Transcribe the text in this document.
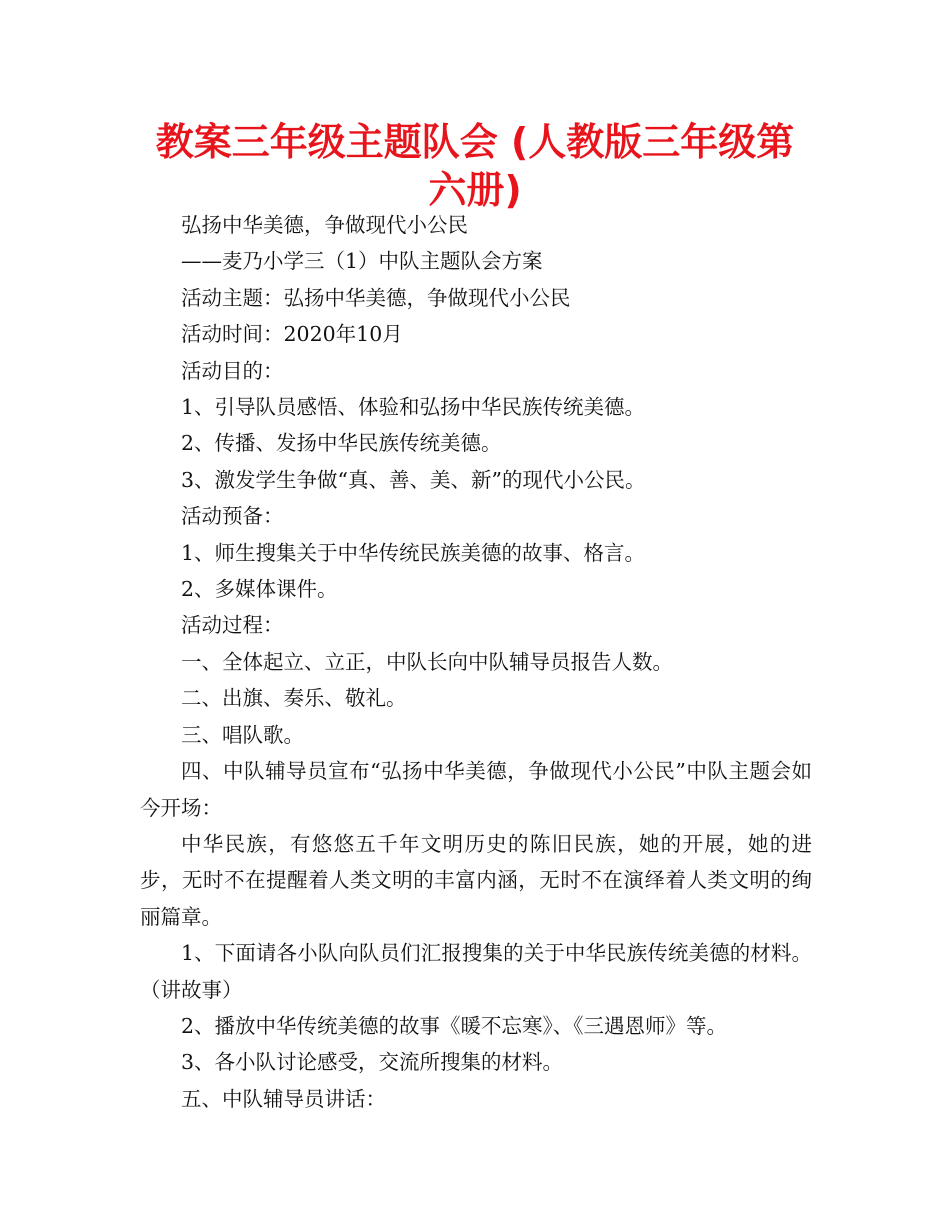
教案三年级主题队会 (人教版三年级第六册)

弘扬中华美德，争做现代小公民

——麦乃小学三（1）中队主题队会方案

活动主题：弘扬中华美德，争做现代小公民

活动时间：2020年10月

活动目的：

1、引导队员感悟、体验和弘扬中华民族传统美德。

2、传播、发扬中华民族传统美德。

3、激发学生争做“真、善、美、新”的现代小公民。

活动预备：

1、师生搜集关于中华传统民族美德的故事、格言。

2、多媒体课件。

活动过程：

一、全体起立、立正，中队长向中队辅导员报告人数。

二、出旗、奏乐、敬礼。

三、唱队歌。

四、中队辅导员宣布“弘扬中华美德，争做现代小公民”中队主题会如今开场：

中华民族，有悠悠五千年文明历史的陈旧民族，她的开展，她的进步，无时不在提醒着人类文明的丰富内涵，无时不在演绎着人类文明的绚丽篇章。

1、下面请各小队向队员们汇报搜集的关于中华民族传统美德的材料。（讲故事）

2、播放中华传统美德的故事《暖不忘寒》、《三遇恩师》等。

3、各小队讨论感受，交流所搜集的材料。

五、中队辅导员讲话：
